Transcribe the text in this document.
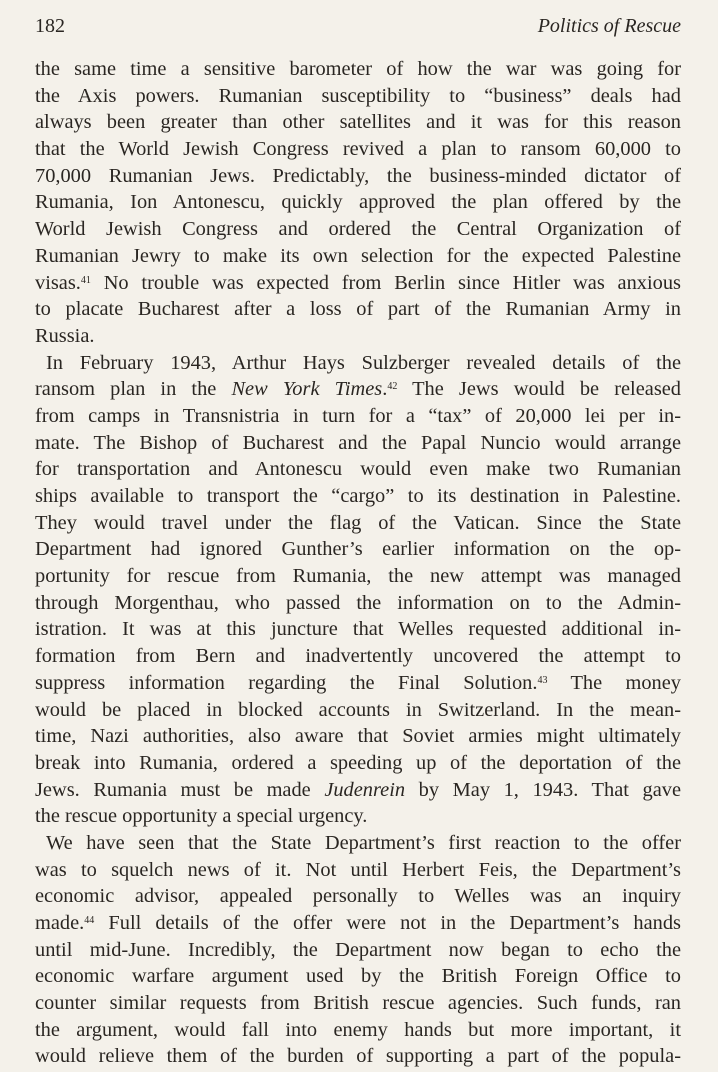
182	Politics of Rescue
the same time a sensitive barometer of how the war was going for
the Axis powers. Rumanian susceptibility to “business” deals had
always been greater than other satellites and it was for this reason
that the World Jewish Congress revived a plan to ransom 60,000 to
70,000 Rumanian Jews. Predictably, the business-minded dictator of
Rumania, Ion Antonescu, quickly approved the plan offered by the
World Jewish Congress and ordered the Central Organization of
Rumanian Jewry to make its own selection for the expected Palestine
visas.$^{41}$ No trouble was expected from Berlin since Hitler was anxious
to placate Bucharest after a loss of part of the Rumanian Army in
Russia.
In February 1943, Arthur Hays Sulzberger revealed details of the
ransom plan in the New York Times.$^{42}$ The Jews would be released
from camps in Transnistria in turn for a “tax” of 20,000 lei per in-
mate. The Bishop of Bucharest and the Papal Nuncio would arrange
for transportation and Antonescu would even make two Rumanian
ships available to transport the “cargo” to its destination in Palestine.
They would travel under the flag of the Vatican. Since the State
Department had ignored Gunther’s earlier information on the op-
portunity for rescue from Rumania, the new attempt was managed
through Morgenthau, who passed the information on to the Admin-
istration. It was at this juncture that Welles requested additional in-
formation from Bern and inadvertently uncovered the attempt to
suppress information regarding the Final Solution.$^{43}$ The money
would be placed in blocked accounts in Switzerland. In the mean-
time, Nazi authorities, also aware that Soviet armies might ultimately
break into Rumania, ordered a speeding up of the deportation of the
Jews. Rumania must be made Judenrein by May 1, 1943. That gave
the rescue opportunity a special urgency.
We have seen that the State Department’s first reaction to the offer
was to squelch news of it. Not until Herbert Feis, the Department’s
economic advisor, appealed personally to Welles was an inquiry
made.$^{44}$ Full details of the offer were not in the Department’s hands
until mid-June. Incredibly, the Department now began to echo the
economic warfare argument used by the British Foreign Office to
counter similar requests from British rescue agencies. Such funds, ran
the argument, would fall into enemy hands but more important, it
would relieve them of the burden of supporting a part of the popula-
